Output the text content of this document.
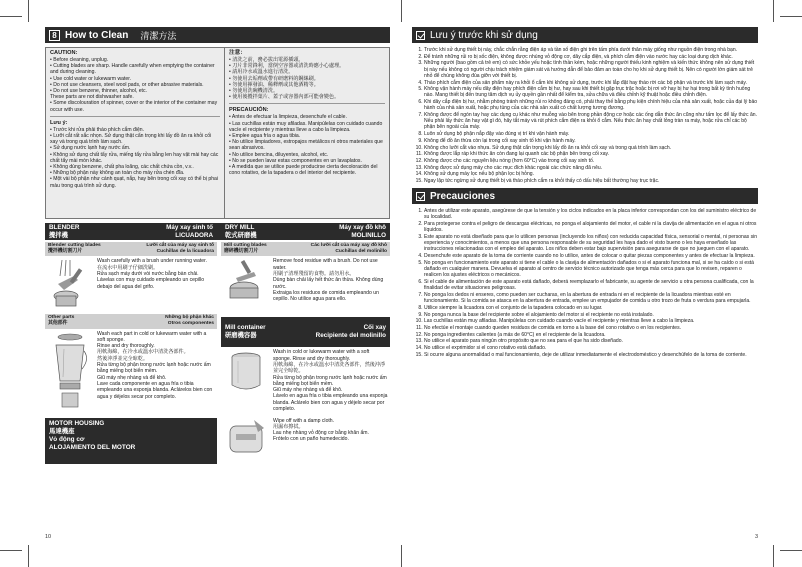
8 How to Clean 清潔方法
CAUTION:
• Before cleaning, unplug.
• Cutting blades are sharp. Handle carefully when emptying the container and during cleaning.
• Use cold water or lukewarm water.
• Do not use cleansers, steel wool pads, or other abrasive materials.
• Do not use benzene, thinner, alcohol, etc.
These parts are not dishwasher safe.
• Some discolouration of spinner, cover or the interior of the container may occur with use.
Lưu ý:
• Trước khi rửa phải tháo phích cắm điện.
• Lưỡi cắt rất sắc nhọn. Sử dụng thật cẩn trọng khi lấy đồ ăn ra khỏi cối xay và trong quá trình làm sạch.
• Sử dụng nước lạnh hay nước ấm.
• Không sử dụng chất tẩy rửa, miếng tẩy rửa bằng len hay vật mài hay các chất tẩy mài mòn khác.
• Không dùng benzene, chất pha loãng, các chất chứa cồn, v.v..
• Những bộ phận này không an toàn cho máy rửa chén đĩa.
• Một vài bộ phận như cánh quạt, nắp, hay bên trong cối xay có thể bị phai màu trong quá trình sử dụng.
注意：
• 清洗之前，務必拔出電源插頭。
• 刀片非常鋒利，當倒空容器或清洗時應小心處理。
• 請用冷水或溫水進行清洗。
• 勿使用去垢劑或帶有研磨料的鋼絲刷。
• 勿使用揮發油、稀釋劑或其他酒精等。
• 勿使用洗碗機清洗。
• 使用後攪拌葉片、蓋子或容器內部可能會變色。
PRECAUCIÓN:
• Antes de efectuar la limpieza, desenchufe el cable.
• Las cuchillas están muy afiladas. Manipúlelas con cuidado cuando vacíe el recipiente y mientras lleve a cabo la limpieza.
• Emplee agua fría o agua tibia.
• No utilice limpiadores, estropajos metálicos ni otros materiales que sean abrasivos.
• No utilice bencina, diluyentes, alcohol, etc.
• No se pueden lavar estas componentes en un lavaplatos.
• A medida que se utilice puede producirse cierta decoloración del cono rotativo, de la tapadera o del interior del recipiente.
BLENDER
攪拌機
Máy xay sinh tố
LICUADORA
DRY MILL
乾式研磨機
Máy xay đồ khô
MOLINILLO
Blender cutting blades
攪拌機切割刀片
Lưỡi cắt của máy xay sinh tố
Cuchillas de la licuadora
Wash carefully with a brush under running water.
在流水中用刷子仔細洗刷。
Rửa sạch máy dưới vòi nước bằng bàn chải.
Lávelas con muy cuidado empleando un cepillo debajo del agua del grifo.
Mill cutting blades
磨碎機切割刀片
Các lưỡi cắt của máy xay đồ khô
Cuchillas del molinillo
Remove food residue with a brush. Do not use water.
用刷子清理殘留的食物。請勿用水。
Dùng bàn chải lấy hết thức ăn thừa. Không dùng nước.
Extraiga los residuos de comida empleando un cepillo. No utilice agua para ello.
Other parts
其他部件
Những bộ phận khác
Otros componentes
Wash each part in cold or lukewarm water with a soft sponge.
Rinse and dry thoroughly.
用軟海綿，在冷水或溫水中清洗各部件。
然後沖淨並完全晾乾。
Rửa từng bộ phận trong nước lạnh hoặc nước ấm bằng miếng bọt biển mềm.
Giũ máy nhẹ nhàng và để khô.
Lave cada componente en agua fría o tibia empleando una esponja blanda. Aclárelos bien con agua y déjelos secar por completo.
Mill container	Cối xay
研磨機容器	Recipiente del molinillo
Wash in cold or lukewarm water with a soft sponge. Rinse and dry thoroughly.
用軟海綿，在冷水或溫水中清洗各部件，然後沖淨並完全晾乾。
Rửa từng bộ phận trong nước lạnh hoặc nước ấm bằng miếng bọt biển mềm.
Giũ máy nhẹ nhàng và để khô.
Lávelo en agua fría o tibia empleando una esponja blanda. Aclárelo bien con agua y déjelo secar por completo.
MOTOR HOUSING
馬達機座
Vỏ động cơ
ALOJAMIENTO DEL MOTOR
Wipe off with a damp cloth.
用濕布擦拭。
Lau nhẹ nhàng vỏ động cơ bằng khăn ẩm.
Frótelo con un paño humedecido.
10
Lưu ý trước khi sử dụng
1. Trước khi sử dụng thiết bị này, chắc chắn rằng điện áp và tần số điện ghi trên tấm phía dưới thân máy giống như nguồn điện trong nhà bạn.
2. Để tránh những rủi ro bị sốc điện, không được nhúng vỏ động cơ, dây cắp điện, và phích cắm điện vào nước hay các loại dung dịch khác.
3. Những người (bao gồm cả trẻ em) có sức khỏe yếu hoặc tình thần kém, hoặc những người thiếu kinh nghiệm và kiến thức không nên sử dụng thiết bị này nếu không có người chịu trách nhiệm giám sát và hướng dẫn để bảo đảm an toàn cho họ khi sử dụng thiết bị. Nên có người lớn giám sát trẻ nhỏ để chúng không đùa giỡn với thiết bị.
4. Tháo phích cắm điện của sản phẩm này ra khỏi ổ cắm khi không sử dụng, trước khi lắp đặt hay tháo rời các bộ phận và trước khi làm sạch máy.
5. Không vận hành máy nếu dây điện hay phích điện cắm bị hư, hay sau khi thiết bị gặp trục trặc hoặc bị rơi vỡ hay bị hư hại trong bất kỳ tình huống nào. Mang thiết bị đến trung tâm dịch vụ ủy quyền gần nhất để kiểm tra, sửa chữa và điều chỉnh kỹ thuật hoặc điều chỉnh điện.
6. Khi dây cắp điện bị hư, nhằm phòng tránh những rủi ro không đáng có, phải thay thế bằng phụ kiện chính hiệu của nhà sản xuất, hoặc của đại lý bảo hành của nhà sản xuất, hoặc phụ tùng của các nhà sản xuất có chất lượng tương đương.
7. Không được để ngón tay hay các dụng cụ khác như muỗng vào bên trong phần động cơ hoặc các ống dẫn thức ăn cũng như tấm lọc để lấy thức ăn. Nếu phải lấy thức ăn hay vật gì đó, hãy tắt máy và rút phích cắm điện ra khỏi ổ cắm. Nếu thức ăn hay chất lỏng tràn ra máy, hoặc rửa chỉ các bộ phận bên ngoài của máy.
8. Luôn sử dụng bộ phận nắp đậy vào đúng vị trí khi vận hành máy.
9. Không để đồ ăn thừa còn lại trong cối xay sinh tố khi vận hành máy.
10. Không cho lưỡi cắt vào nhựa. Sử dụng thật cẩn trọng khi lấy đồ ăn ra khỏi cối xay và trong quá trình làm sạch.
11. Không được lắp ráp khi thức ăn còn đang lại quanh các bộ phận bên trong cối xay.
12. Không được cho các nguyên liệu nóng (hơn 60°C) vào trong cối xay sinh tố.
13. Không được sử dụng máy cho các mục đích khác ngoài các chức năng đã nêu.
14. Không sử dụng máy lọc nếu bộ phận lọc bị hỏng.
15. Ngay lập tức ngừng sử dụng thiết bị và tháo phích cắm ra khỏi thấy có dấu hiệu bất thường hay trục trặc.
Precauciones
1. Antes de utilizar este aparato, asegúrese de que la tensión y los ciclos indicados en la placa inferior correspondan con los del suministro eléctrico de su localidad.
2. Para protegerse contra el peligro de descargas eléctricas, no ponga el alojamiento del motor, el cable ni la clavija de alimentación en el agua ni otros líquidos.
3. Este aparato no está diseñado para que lo utilicen personas (incluyendo los niños) con reducida capacidad física, sensorial o mental, ni personas sin experiencia y conocimientos, a menos que una persona responsable de su seguridad les haya dado el visto bueno o les haya enseñado las instrucciones relacionadas con el empleo del aparato. Los niños deben estar bajo supervisión para asegurarse de que no jueguen con el aparato.
4. Desenchufe este aparato de la toma de corriente cuando no lo utilice, antes de colocar o quitar piezas componentes y antes de efectuar la limpieza.
5. No ponga en funcionamiento este aparato si tiene el cable o la clavija de alimentación dañados o si el aparato funciona mal, si se ha caído o si está dañado en cualquier manera. Devuelva el aparato al centro de servicio técnico autorizado que tenga más cerca para que lo revisen, reparen o realicen los ajustes eléctricos o mecánicos.
6. Si el cable de alimentación de este aparato está dañado, deberá reemplazarlo el fabricante, su agente de servicio u otra persona cualificada, con la finalidad de evitar situaciones peligrosas.
7. No ponga los dedos ni enseres, como pueden ser cucharas, en la abertura de entrada ni en el recipiente de la licuadora mientras esté en funcionamiento. Si la comida se atasca en la abertura de entrada, emplee un empujador de comida u otro trozo de fruta o verdura para empujarla.
8. Utilice siempre la licuadora con el conjunto de la tapadera colocado en su lugar.
9. No ponga nunca la base del recipiente sobre el alojamiento del motor si el recipiente no está instalado.
10. Las cuchillas están muy afiladas. Manipúlelas con cuidado cuando vacíe el recipiente y mientras lleve a cabo la limpieza.
11. No efectúe el montaje cuando queden residuos de comida en torno a la base del cono rotativo o en los recipientes.
12. No ponga ingredientes calientes (a más de 60°C) en el recipiente de la licuadora.
13. No utilice el aparato para ningún otro propósito que no sea para el que ha sido diseñado.
14. No utilice el exprimidor si el cono rotativo está dañado.
15. Si ocurre alguna anormalidad o mal funcionamiento, deje de utilizar inmediatamente el electrodoméstico y desenchúfelo de la toma de corriente.
3
